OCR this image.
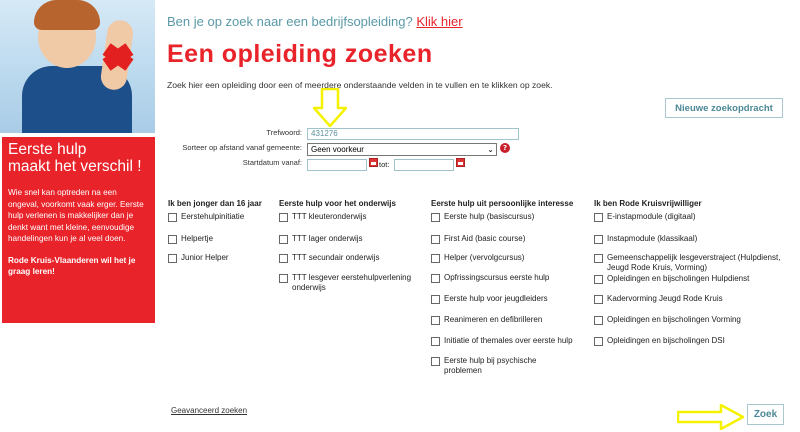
Eerste hulp
maakt het verschil !

Wie snel kan optreden na een ongeval, voorkomt vaak erger. Eerste hulp verlenen is makkelijker dan je denkt want met kleine, eenvoudige handelingen kun je al veel doen.

Rode Kruis-Vlaanderen wil het je graag leren!

Ben je op zoek naar een bedrijfsopleiding? Klik hier
Een opleiding zoeken
Zoek hier een opleiding door een of meerdere onderstaande velden in te vullen en te klikken op zoek.
Nieuwe zoekopdracht
Trefwoord:	431276
Sorteer op afstand vanaf gemeente:	Geen voorkeur	⌄	?
Startdatum vanaf:	tot:
Ik ben jonger dan 16 jaar
Eerstehulpinitiatie
Helpertje
Junior Helper
Eerste hulp voor het onderwijs
TTT kleuteronderwijs
TTT lager onderwijs
TTT secundair onderwijs
TTT lesgever eerstehulpverlening onderwijs
Eerste hulp uit persoonlijke interesse
Eerste hulp (basiscursus)
First Aid (basic course)
Helper (vervolgcursus)
Opfrissingscursus eerste hulp
Eerste hulp voor jeugdleiders
Reanimeren en defibrilleren
Initiatie of themales over eerste hulp
Eerste hulp bij psychische problemen
Ik ben Rode Kruisvrijwilliger
E-instapmodule (digitaal)
Instapmodule (klassikaal)
Gemeenschappelijk lesgeverstraject (Hulpdienst, Jeugd Rode Kruis, Vorming)
Opleidingen en bijscholingen Hulpdienst
Kadervorming Jeugd Rode Kruis
Opleidingen en bijscholingen Vorming
Opleidingen en bijscholingen DSI
Geavanceerd zoeken	Zoek
